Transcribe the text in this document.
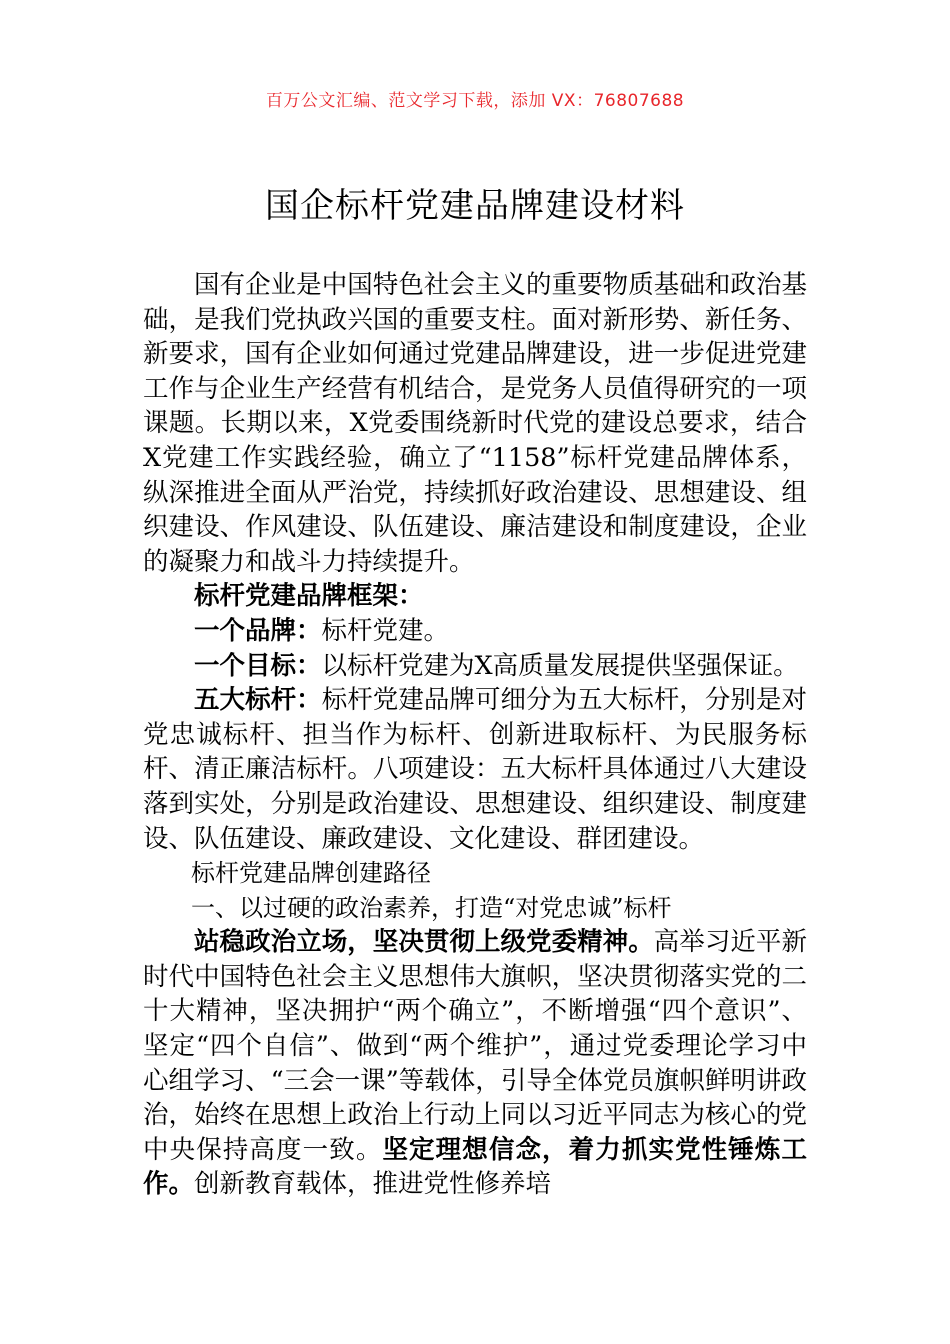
百万公文汇编、范文学习下载，添加 VX：76807688
国企标杆党建品牌建设材料

国有企业是中国特色社会主义的重要物质基础和政治基础，是我们党执政兴国的重要支柱。面对新形势、新任务、新要求，国有企业如何通过党建品牌建设，进一步促进党建工作与企业生产经营有机结合，是党务人员值得研究的一项课题。长期以来，X党委围绕新时代党的建设总要求，结合X党建工作实践经验，确立了“1158”标杆党建品牌体系，纵深推进全面从严治党，持续抓好政治建设、思想建设、组织建设、作风建设、队伍建设、廉洁建设和制度建设，企业的凝聚力和战斗力持续提升。

标杆党建品牌框架：

一个品牌：标杆党建。

一个目标：以标杆党建为X高质量发展提供坚强保证。

五大标杆：标杆党建品牌可细分为五大标杆，分别是对党忠诚标杆、担当作为标杆、创新进取标杆、为民服务标杆、清正廉洁标杆。八项建设：五大标杆具体通过八大建设落到实处，分别是政治建设、思想建设、组织建设、制度建设、队伍建设、廉政建设、文化建设、群团建设。

标杆党建品牌创建路径

一、以过硬的政治素养，打造“对党忠诚”标杆

站稳政治立场，坚决贯彻上级党委精神。高举习近平新时代中国特色社会主义思想伟大旗帜，坚决贯彻落实党的二十大精神，坚决拥护“两个确立”，不断增强“四个意识”、坚定“四个自信”、做到“两个维护”，通过党委理论学习中心组学习、“三会一课”等载体，引导全体党员旗帜鲜明讲政治，始终在思想上政治上行动上同以习近平同志为核心的党中央保持高度一致。坚定理想信念，着力抓实党性锤炼工作。创新教育载体，推进党性修养培
